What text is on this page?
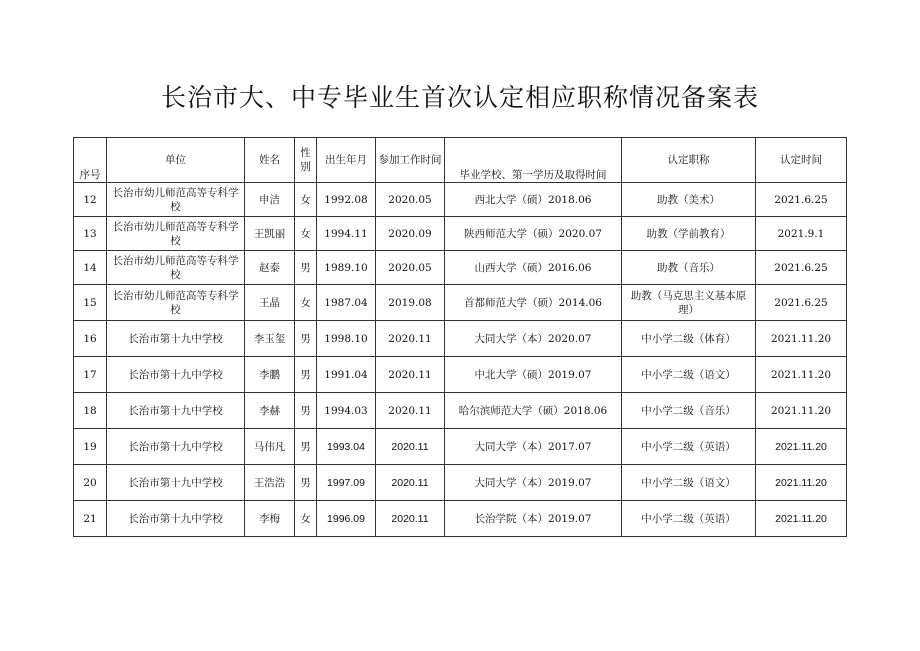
长治市大、中专毕业生首次认定相应职称情况备案表
序号	单位	姓名	性别	出生年月	参加工作时间	毕业学校、第一学历及取得时间	认定职称	认定时间
12	长治市幼儿师范高等专科学校	申洁	女	1992.08	2020.05	西北大学（硕）2018.06	助教（美术）	2021.6.25
13	长治市幼儿师范高等专科学校	王凯丽	女	1994.11	2020.09	陕西师范大学（硕）2020.07	助教（学前教育）	2021.9.1
14	长治市幼儿师范高等专科学校	赵泰	男	1989.10	2020.05	山西大学（硕）2016.06	助教（音乐）	2021.6.25
15	长治市幼儿师范高等专科学校	王晶	女	1987.04	2019.08	首都师范大学（硕）2014.06	助教（马克思主义基本原理）	2021.6.25
16	长治市第十九中学校	李玉玺	男	1998.10	2020.11	大同大学（本）2020.07	中小学二级（体育）	2021.11.20
17	长治市第十九中学校	李鹏	男	1991.04	2020.11	中北大学（硕）2019.07	中小学二级（语文）	2021.11.20
18	长治市第十九中学校	李赫	男	1994.03	2020.11	哈尔滨师范大学（硕）2018.06	中小学二级（音乐）	2021.11.20
19	长治市第十九中学校	马伟凡	男	1993.04	2020.11	大同大学（本）2017.07	中小学二级（英语）	2021.11.20
20	长治市第十九中学校	王浩浩	男	1997.09	2020.11	大同大学（本）2019.07	中小学二级（语文）	2021.11.20
21	长治市第十九中学校	李梅	女	1996.09	2020.11	长治学院（本）2019.07	中小学二级（英语）	2021.11.20
